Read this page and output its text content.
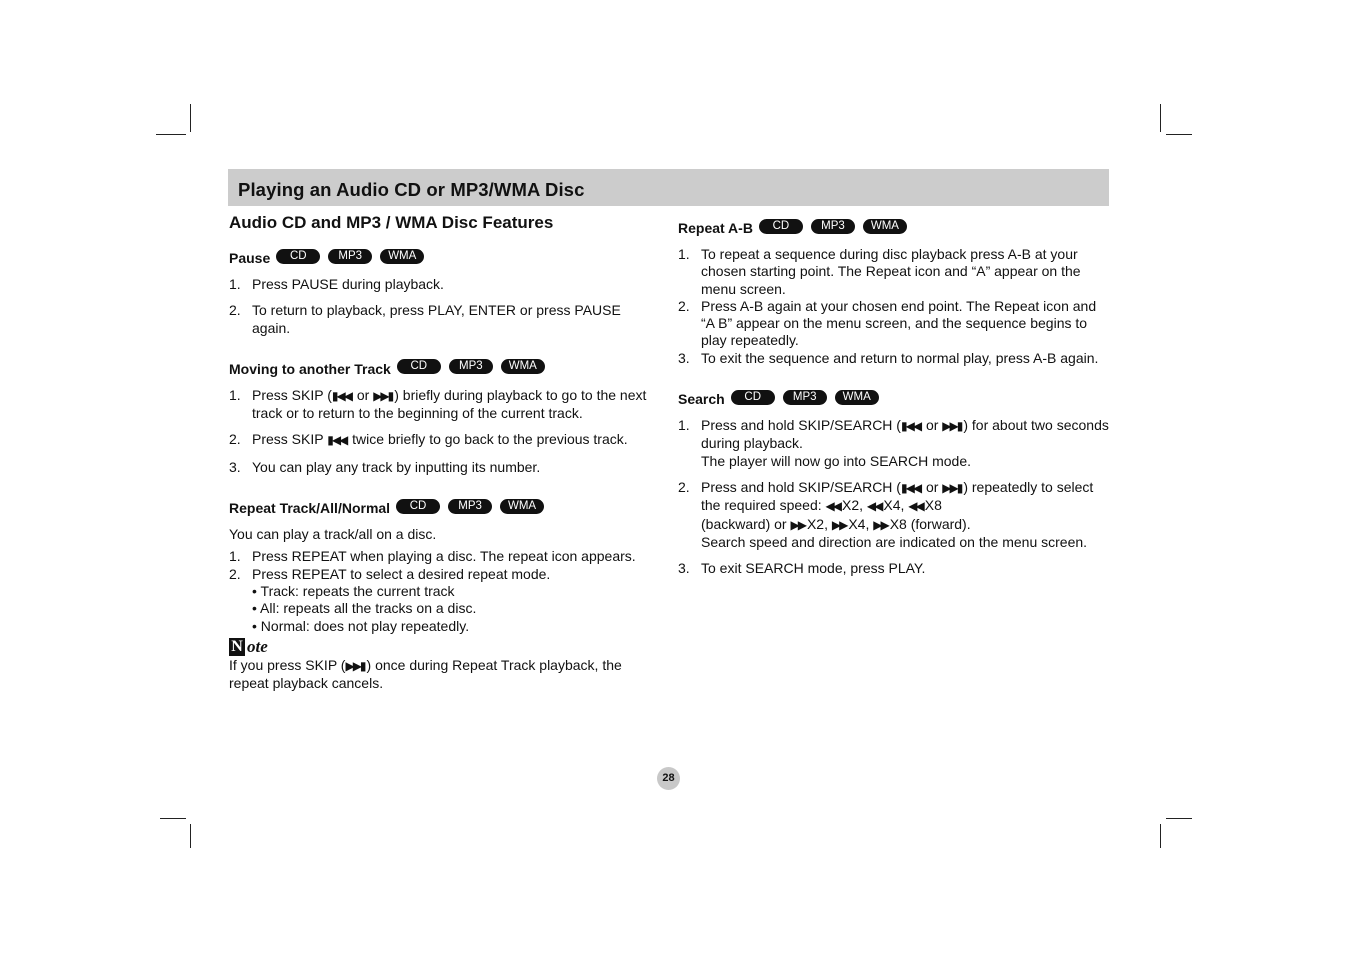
Playing an Audio CD or MP3/WMA Disc
Audio CD and MP3 / WMA Disc Features
Pause	CD	MP3	WMA
1. Press PAUSE during playback.
2. To return to playback, press PLAY, ENTER or press PAUSE again.
Moving to another Track	CD	MP3	WMA
1. Press SKIP (▮◀◀ or ▶▶▮ ) briefly during playback to go to the next track or to return to the beginning of the current track.
2. Press SKIP ▮◀◀ twice briefly to go back to the previous track.
3. You can play any track by inputting its number.
Repeat Track/All/Normal	CD	MP3	WMA

You can play a track/all on a disc.

1. Press REPEAT when playing a disc. The repeat icon appears.
2. Press REPEAT to select a desired repeat mode.
• Track: repeats the current track
• All: repeats all the tracks on a disc.
• Normal: does not play repeatedly.
N ote

If you press SKIP (▶▶▮ ) once during Repeat Track playback, the repeat playback cancels.

Repeat A-B	CD	MP3	WMA
1. To repeat a sequence during disc playback press A-B at your chosen starting point. The Repeat icon and “A” appear on the menu screen.
2. Press A-B again at your chosen end point. The Repeat icon and “A B” appear on the menu screen, and the sequence begins to play repeatedly.
3. To exit the sequence and return to normal play, press A-B again.
Search	CD	MP3	WMA
1. Press and hold SKIP/SEARCH (▮◀◀ or ▶▶▮ ) for about two seconds during playback.
The player will now go into SEARCH mode.
2. Press and hold SKIP/SEARCH (▮◀◀ or ▶▶▮ ) repeatedly to select the required speed: ◀◀ X2, ◀◀ X4, ◀◀ X8
(backward) or ▶▶ X2, ▶▶ X4, ▶▶ X8 (forward).
Search speed and direction are indicated on the menu screen.
3. To exit SEARCH mode, press PLAY.
28
